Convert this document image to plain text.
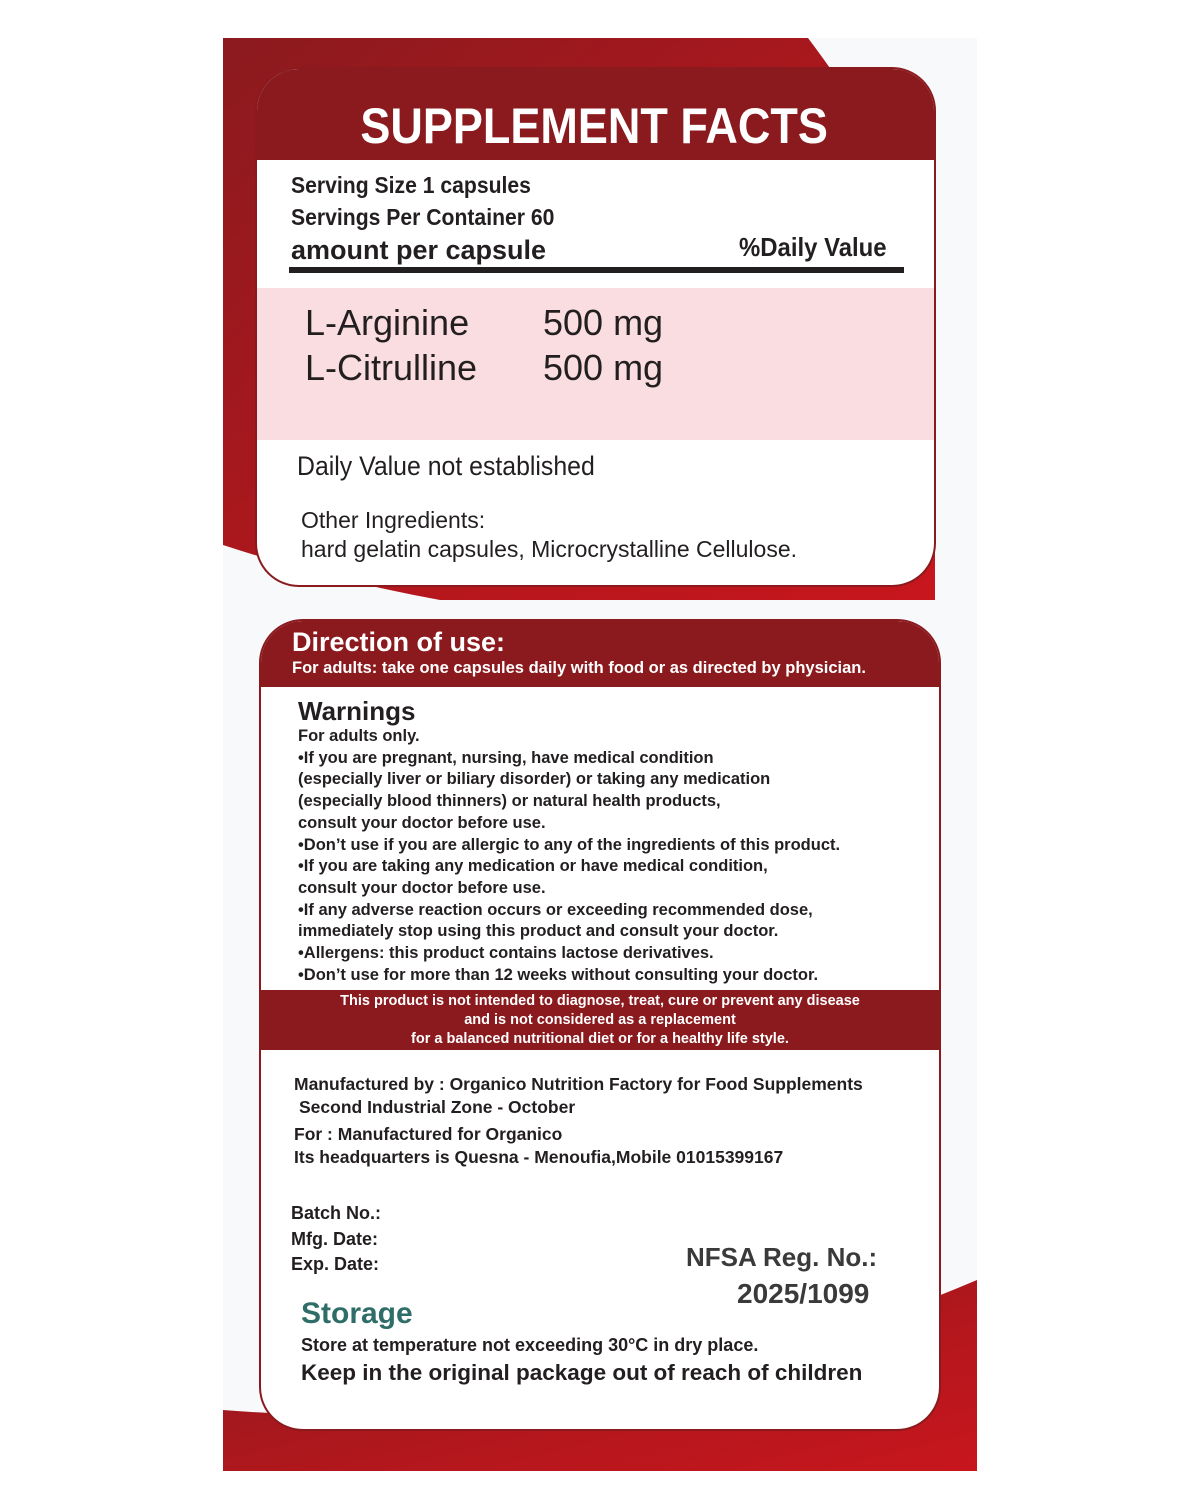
SUPPLEMENT FACTS
Serving Size 1 capsules
Servings Per Container 60
amount per capsule	%Daily Value
L-Arginine 500 mg
L-Citrulline 500 mg
Daily Value not established
Other Ingredients:
hard gelatin capsules, Microcrystalline Cellulose.
Direction of use:
For adults: take one capsules daily with food or as directed by physician.
Warnings
For adults only.
•If you are pregnant, nursing, have medical condition
(especially liver or biliary disorder) or taking any medication
(especially blood thinners) or natural health products,
consult your doctor before use.
•Don’t use if you are allergic to any of the ingredients of this product.
•If you are taking any medication or have medical condition,
consult your doctor before use.
•If any adverse reaction occurs or exceeding recommended dose,
immediately stop using this product and consult your doctor.
•Allergens: this product contains lactose derivatives.
•Don’t use for more than 12 weeks without consulting your doctor.
This product is not intended to diagnose, treat, cure or prevent any disease
and is not considered as a replacement
for a balanced nutritional diet or for a healthy life style.
Manufactured by : Organico Nutrition Factory for Food Supplements
Second Industrial Zone - October
For : Manufactured for Organico
Its headquarters is Quesna - Menoufia,Mobile 01015399167
Batch No.:
Mfg. Date:
Exp. Date:	NFSA Reg. No.:
2025/1099
Storage
Store at temperature not exceeding 30°C in dry place.
Keep in the original package out of reach of children
